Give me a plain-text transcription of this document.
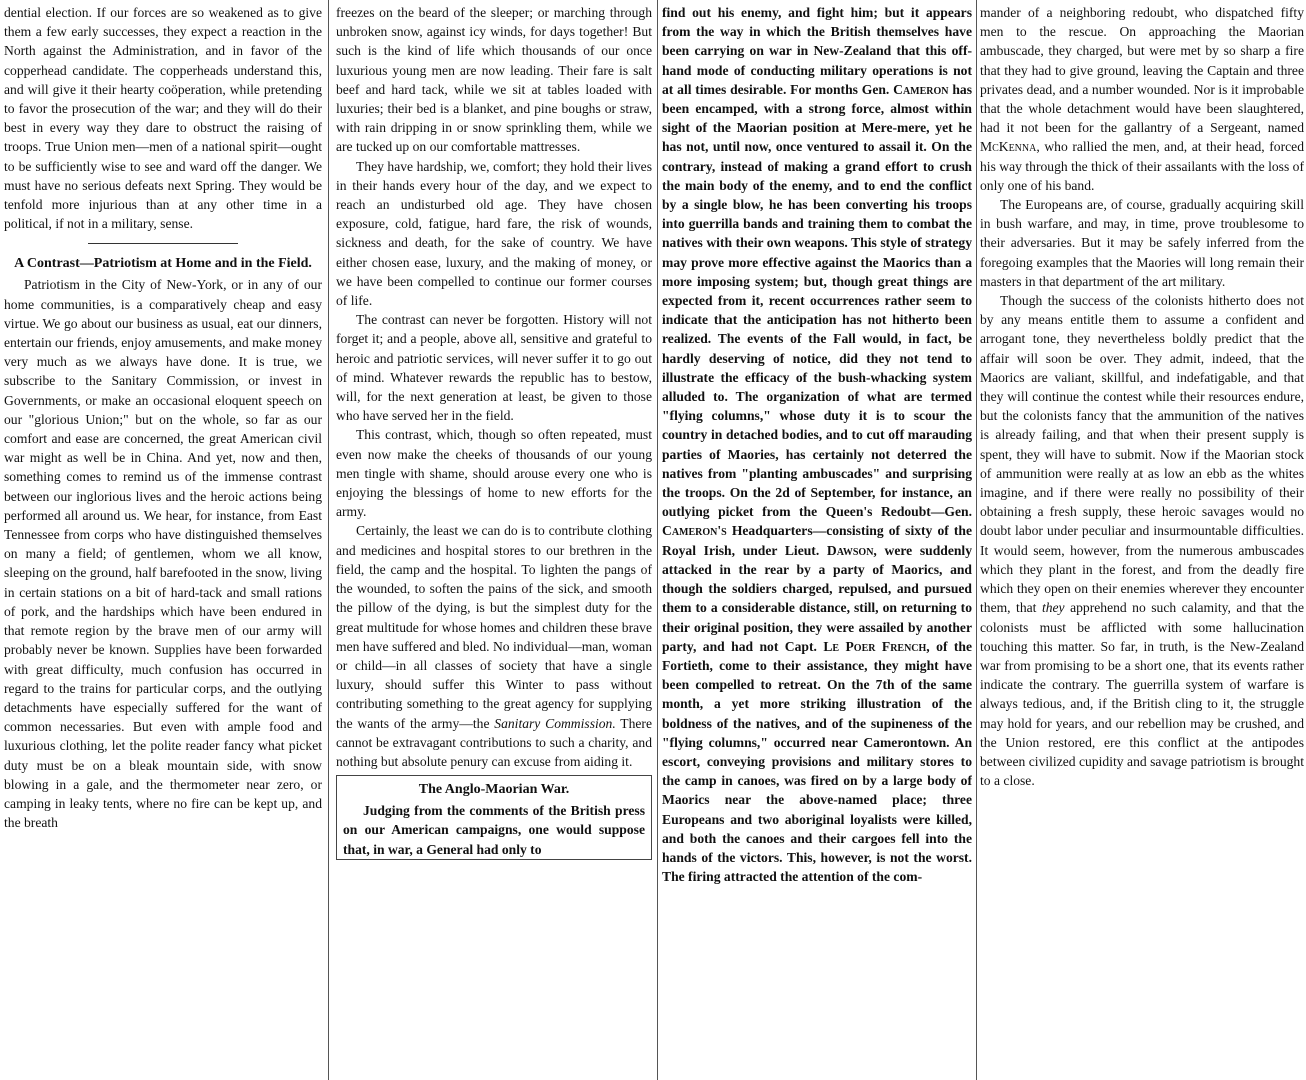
dential election. If our forces are so weakened as to give them a few early successes, they expect a reaction in the North against the Administration, and in favor of the copperhead candidate. The copperheads understand this, and will give it their hearty coöperation, while pretending to favor the prosecution of the war; and they will do their best in every way they dare to obstruct the raising of troops. True Union men—men of a national spirit—ought to be sufficiently wise to see and ward off the danger. We must have no serious defeats next Spring. They would be tenfold more injurious than at any other time in a political, if not in a military, sense.

A Contrast—Patriotism at Home and in the Field.

Patriotism in the City of New-York, or in any of our home communities, is a comparatively cheap and easy virtue. We go about our business as usual, eat our dinners, entertain our friends, enjoy amusements, and make money very much as we always have done. It is true, we subscribe to the Sanitary Commission, or invest in Governments, or make an occasional eloquent speech on our "glorious Union;" but on the whole, so far as our comfort and ease are concerned, the great American civil war might as well be in China. And yet, now and then, something comes to remind us of the immense contrast between our inglorious lives and the heroic actions being performed all around us. We hear, for instance, from East Tennessee from corps who have distinguished themselves on many a field; of gentlemen, whom we all know, sleeping on the ground, half barefooted in the snow, living in certain stations on a bit of hard-tack and small rations of pork, and the hardships which have been endured in that remote region by the brave men of our army will probably never be known. Supplies have been forwarded with great difficulty, much confusion has occurred in regard to the trains for particular corps, and the outlying detachments have especially suffered for the want of common necessaries. But even with ample food and luxurious clothing, let the polite reader fancy what picket duty must be on a bleak mountain side, with snow blowing in a gale, and the thermometer near zero, or camping in leaky tents, where no fire can be kept up, and the breath

freezes on the beard of the sleeper; or marching through unbroken snow, against icy winds, for days together! But such is the kind of life which thousands of our once luxurious young men are now leading. Their fare is salt beef and hard tack, while we sit at tables loaded with luxuries; their bed is a blanket, and pine boughs or straw, with rain dripping in or snow sprinkling them, while we are tucked up on our comfortable mattresses.

They have hardship, we, comfort; they hold their lives in their hands every hour of the day, and we expect to reach an undisturbed old age. They have chosen exposure, cold, fatigue, hard fare, the risk of wounds, sickness and death, for the sake of country. We have either chosen ease, luxury, and the making of money, or we have been compelled to continue our former courses of life.

The contrast can never be forgotten. History will not forget it; and a people, above all, sensitive and grateful to heroic and patriotic services, will never suffer it to go out of mind. Whatever rewards the republic has to bestow, will, for the next generation at least, be given to those who have served her in the field.

This contrast, which, though so often repeated, must even now make the cheeks of thousands of our young men tingle with shame, should arouse every one who is enjoying the blessings of home to new efforts for the army.

Certainly, the least we can do is to contribute clothing and medicines and hospital stores to our brethren in the field, the camp and the hospital. To lighten the pangs of the wounded, to soften the pains of the sick, and smooth the pillow of the dying, is but the simplest duty for the great multitude for whose homes and children these brave men have suffered and bled. No individual—man, woman or child—in all classes of society that have a single luxury, should suffer this Winter to pass without contributing something to the great agency for supplying the wants of the army—the Sanitary Commission. There cannot be extravagant contributions to such a charity, and nothing but absolute penury can excuse from aiding it.

The Anglo-Maorian War.

Judging from the comments of the British press on our American campaigns, one would suppose that, in war, a General had only to

find out his enemy, and fight him; but it appears from the way in which the British themselves have been carrying on war in New-Zealand that this off-hand mode of conducting military operations is not at all times desirable. For months Gen. Cameron has been encamped, with a strong force, almost within sight of the Maorian position at Mere-mere, yet he has not, until now, once ventured to assail it. On the contrary, instead of making a grand effort to crush the main body of the enemy, and to end the conflict by a single blow, he has been converting his troops into guerrilla bands and training them to combat the natives with their own weapons. This style of strategy may prove more effective against the Maorics than a more imposing system; but, though great things are expected from it, recent occurrences rather seem to indicate that the anticipation has not hitherto been realized. The events of the Fall would, in fact, be hardly deserving of notice, did they not tend to illustrate the efficacy of the bush-whacking system alluded to. The organization of what are termed "flying columns," whose duty it is to scour the country in detached bodies, and to cut off marauding parties of Maories, has certainly not deterred the natives from "planting ambuscades" and surprising the troops. On the 2d of September, for instance, an outlying picket from the Queen's Redoubt—Gen. Cameron's Headquarters—consisting of sixty of the Royal Irish, under Lieut. Dawson, were suddenly attacked in the rear by a party of Maorics, and though the soldiers charged, repulsed, and pursued them to a considerable distance, still, on returning to their original position, they were assailed by another party, and had not Capt. Le Poer French, of the Fortieth, come to their assistance, they might have been compelled to retreat. On the 7th of the same month, a yet more striking illustration of the boldness of the natives, and of the supineness of the "flying columns," occurred near Camerontown. An escort, conveying provisions and military stores to the camp in canoes, was fired on by a large body of Maorics near the above-named place; three Europeans and two aboriginal loyalists were killed, and both the canoes and their cargoes fell into the hands of the victors. This, however, is not the worst. The firing attracted the attention of the com-

mander of a neighboring redoubt, who dispatched fifty men to the rescue. On approaching the Maorian ambuscade, they charged, but were met by so sharp a fire that they had to give ground, leaving the Captain and three privates dead, and a number wounded. Nor is it improbable that the whole detachment would have been slaughtered, had it not been for the gallantry of a Sergeant, named McKenna, who rallied the men, and, at their head, forced his way through the thick of their assailants with the loss of only one of his band.

The Europeans are, of course, gradually acquiring skill in bush warfare, and may, in time, prove troublesome to their adversaries. But it may be safely inferred from the foregoing examples that the Maories will long remain their masters in that department of the art military.

Though the success of the colonists hitherto does not by any means entitle them to assume a confident and arrogant tone, they nevertheless boldly predict that the affair will soon be over. They admit, indeed, that the Maorics are valiant, skillful, and indefatigable, and that they will continue the contest while their resources endure, but the colonists fancy that the ammunition of the natives is already failing, and that when their present supply is spent, they will have to submit. Now if the Maorian stock of ammunition were really at as low an ebb as the whites imagine, and if there were really no possibility of their obtaining a fresh supply, these heroic savages would no doubt labor under peculiar and insurmountable difficulties. It would seem, however, from the numerous ambuscades which they plant in the forest, and from the deadly fire which they open on their enemies wherever they encounter them, that they apprehend no such calamity, and that the colonists must be afflicted with some hallucination touching this matter. So far, in truth, is the New-Zealand war from promising to be a short one, that its events rather indicate the contrary. The guerrilla system of warfare is always tedious, and, if the British cling to it, the struggle may hold for years, and our rebellion may be crushed, and the Union restored, ere this conflict at the antipodes between civilized cupidity and savage patriotism is brought to a close.
